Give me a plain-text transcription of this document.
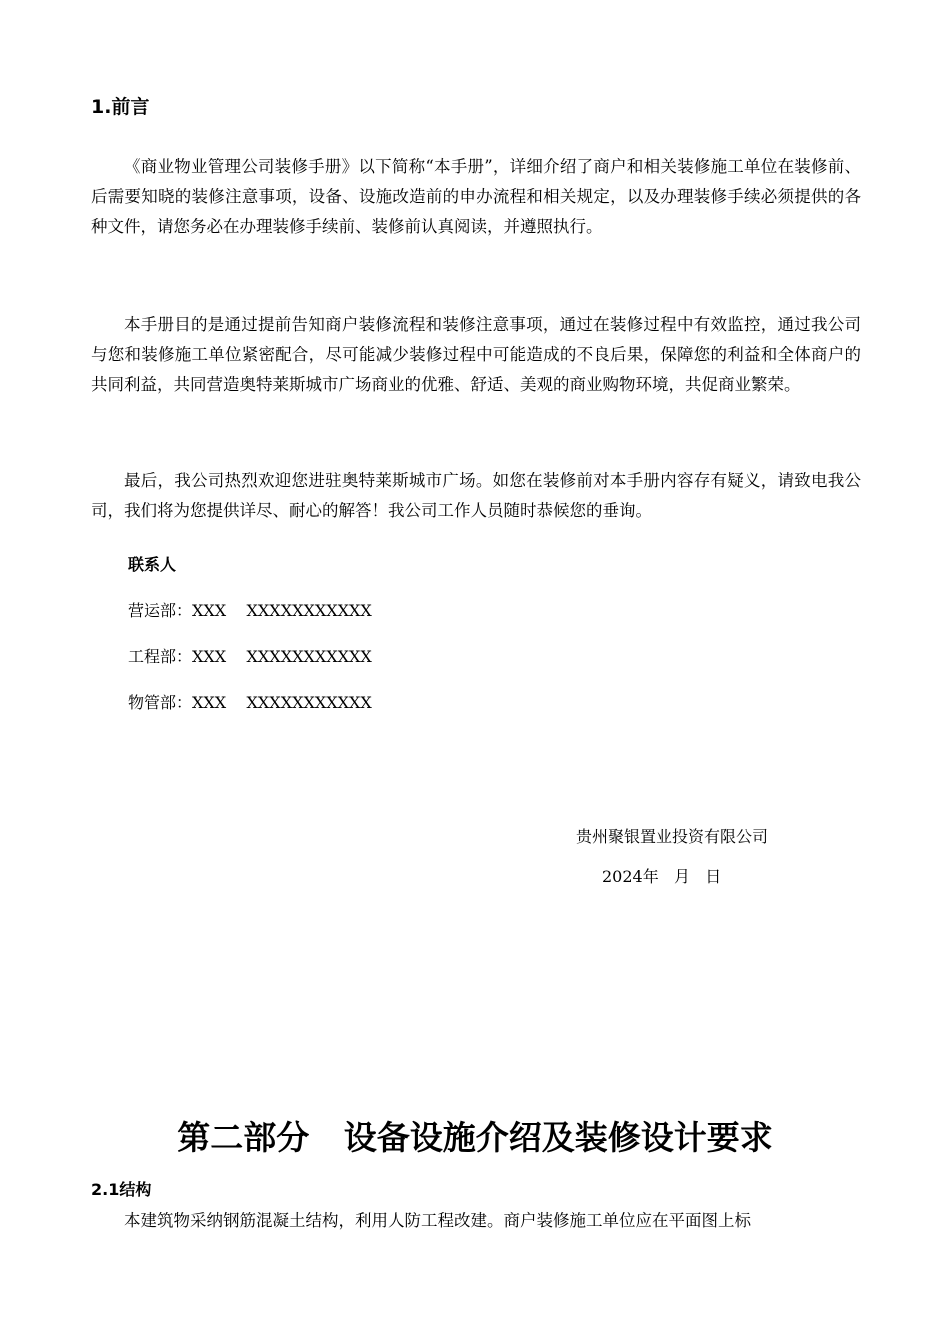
1.前言

《商业物业管理公司装修手册》以下简称“本手册”，详细介绍了商户和相关装修施工单位在装修前、后需要知晓的装修注意事项，设备、设施改造前的申办流程和相关规定，以及办理装修手续必须提供的各种文件，请您务必在办理装修手续前、装修前认真阅读，并遵照执行。

本手册目的是通过提前告知商户装修流程和装修注意事项，通过在装修过程中有效监控，通过我公司与您和装修施工单位紧密配合，尽可能减少装修过程中可能造成的不良后果，保障您的利益和全体商户的共同利益，共同营造奥特莱斯城市广场商业的优雅、舒适、美观的商业购物环境，共促商业繁荣。

最后，我公司热烈欢迎您进驻奥特莱斯城市广场。如您在装修前对本手册内容存有疑义，请致电我公司，我们将为您提供详尽、耐心的解答！我公司工作人员随时恭候您的垂询。

联系人
营运部：XXX    XXXXXXXXXXX
工程部：XXX    XXXXXXXXXXX
物管部：XXX    XXXXXXXXXXX
贵州聚银置业投资有限公司
2024年   月   日
第二部分   设备设施介绍及装修设计要求
2.1结构

本建筑物采纳钢筋混凝土结构，利用人防工程改建。商户装修施工单位应在平面图上标
